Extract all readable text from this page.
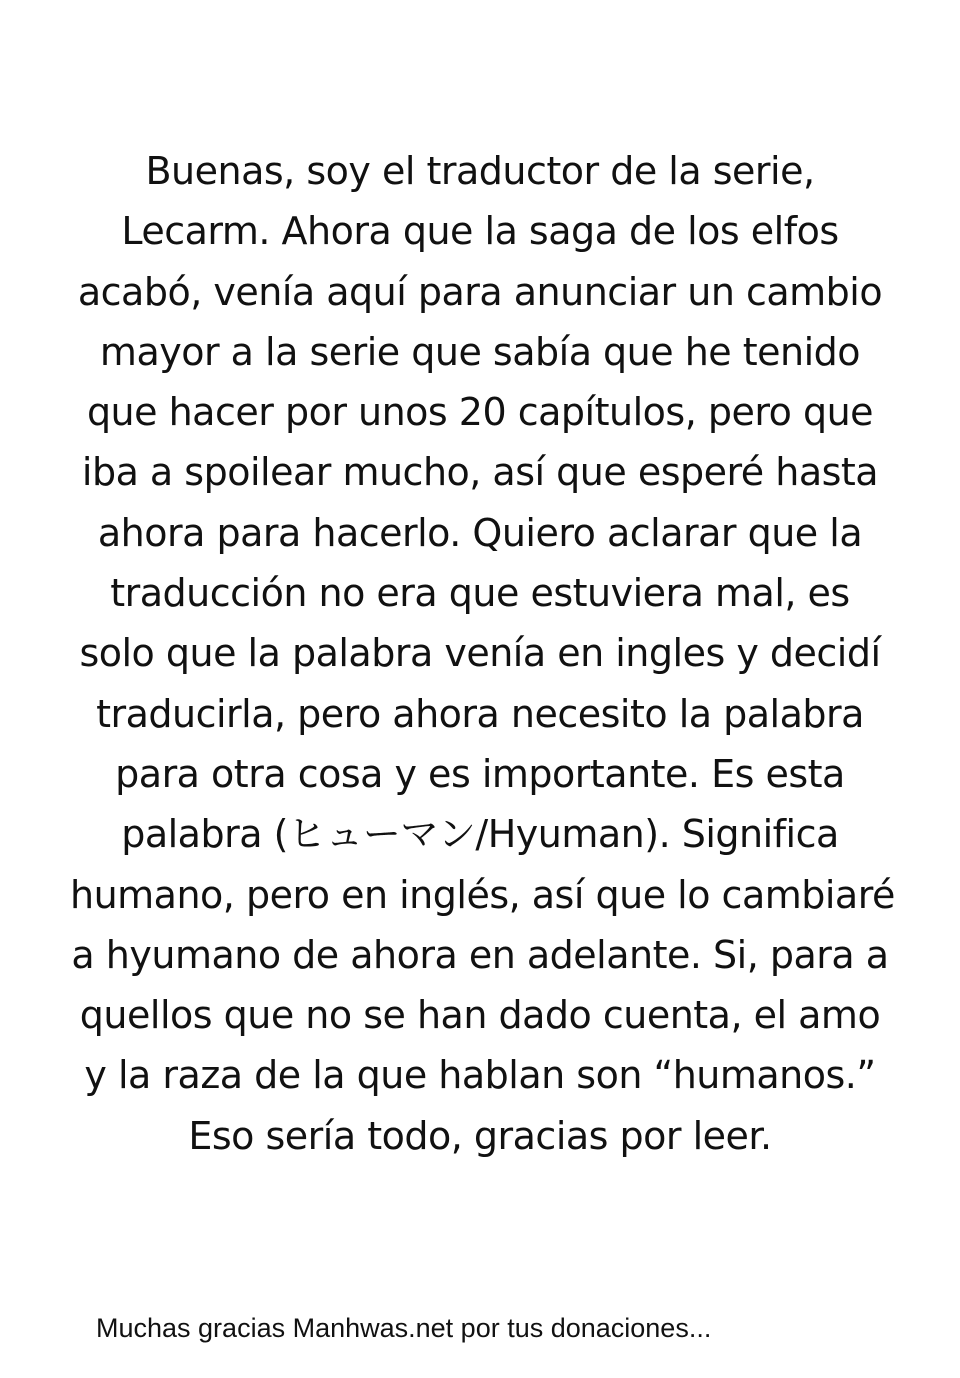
Buenas, soy el traductor de la serie,
Lecarm. Ahora que la saga de los elfos
acabó, venía aquí para anunciar un cambio
mayor a la serie que sabía que he tenido
que hacer por unos 20 capítulos, pero que
iba a spoilear mucho, así que esperé hasta
ahora para hacerlo. Quiero aclarar que la
traducción no era que estuviera mal, es
solo que la palabra venía en ingles y decidí
traducirla, pero ahora necesito la palabra
para otra cosa y es importante. Es esta
palabra (ヒューマン/Hyuman). Significa
humano, pero en inglés, así que lo cambiaré
a hyumano de ahora en adelante. Si, para a
quellos que no se han dado cuenta, el amo
y la raza de la que hablan son “humanos.”
Eso sería todo, gracias por leer.
Muchas gracias Manhwas.net por tus donaciones...
